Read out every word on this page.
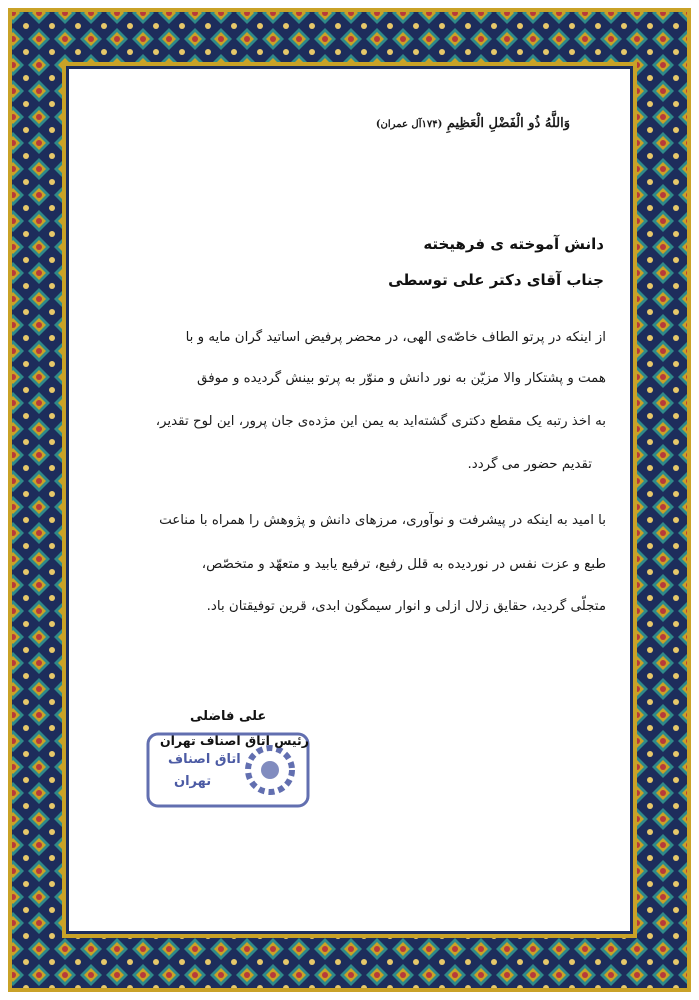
وَاللَّهُ ذُو الْفَضْلِ الْعَظِيمِ (۱۷۴آل عمران)
دانش آموخته ی فرهیخته
جناب آقای دکتر علی توسطی
از اینکه در پرتو الطاف خاصّه‌ی الهی، در محضر پرفیض اساتید گران مایه و با
همت و پشتکار والا مزیّن به نور دانش و منوّر به پرتو بینش گردیده و موفق
به اخذ رتبه یک مقطع دکتری گشته‌اید به یمن این مژده‌ی جان پرور، این لوح تقدیر،
تقدیم حضور می گردد.
با امید به اینکه در پیشرفت و نوآوری، مرزهای دانش و پژوهش را همراه با مناعت
طبع و عزت نفس در نوردیده به قلل رفیع، ترفیع یابید و متعهّد و متخصّص،
متجلّی گردید، حقایق زلال ازلی و انوار سیمگون ابدی، قرین توفیقتان باد.
اتاق اصناف
تهران
علی فاضلی
رئیس اتاق اصناف تهران
